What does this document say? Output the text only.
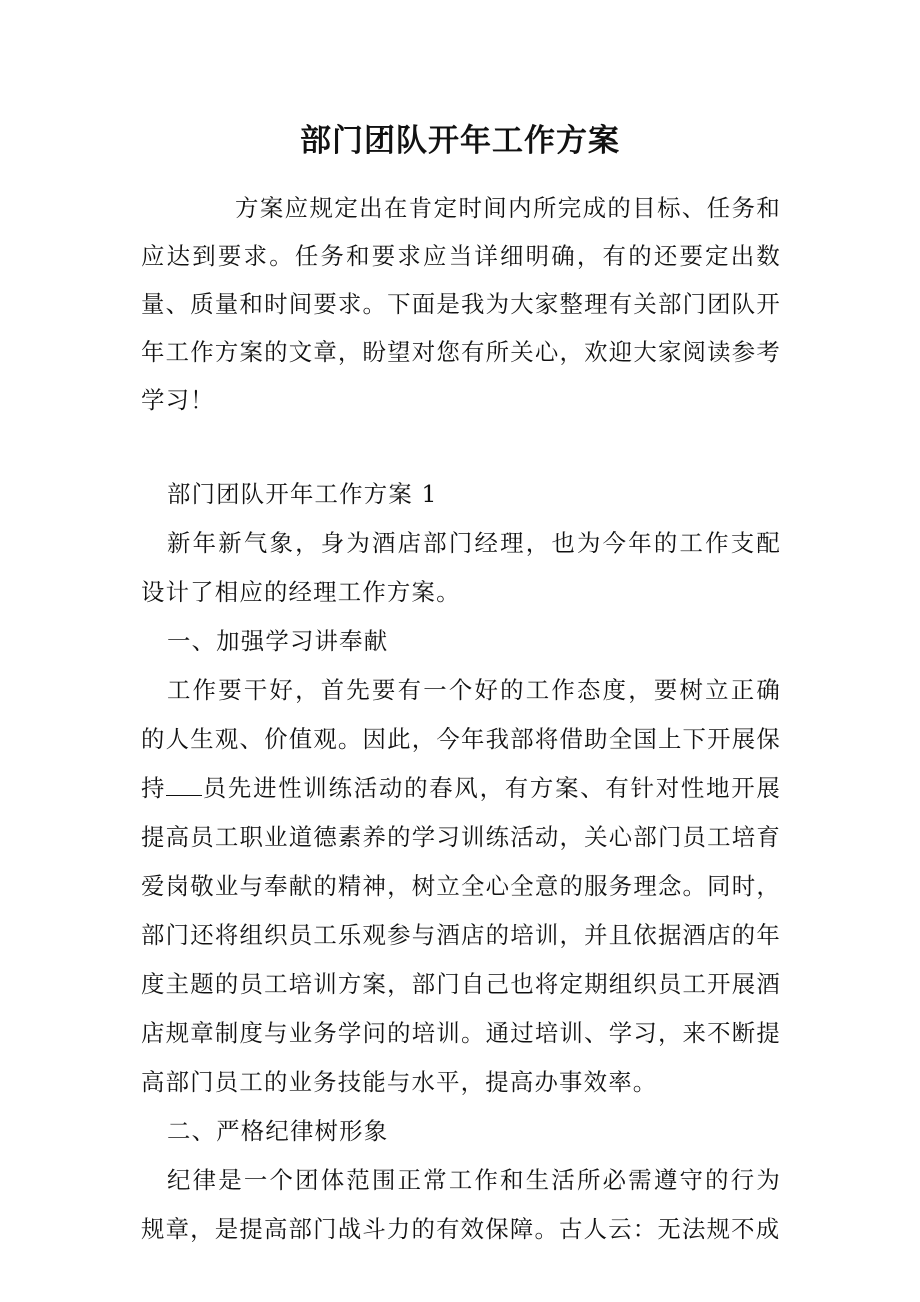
部门团队开年工作方案

方案应规定出在肯定时间内所完成的目标、任务和应达到要求。任务和要求应当详细明确，有的还要定出数量、质量和时间要求。下面是我为大家整理有关部门团队开年工作方案的文章，盼望对您有所关心，欢迎大家阅读参考学习！

部门团队开年工作方案 1

新年新气象，身为酒店部门经理，也为今年的工作支配设计了相应的经理工作方案。

一、加强学习讲奉献

工作要干好，首先要有一个好的工作态度，要树立正确的人生观、价值观。因此，今年我部将借助全国上下开展保持 员先进性训练活动的春风，有方案、有针对性地开展提高员工职业道德素养的学习训练活动，关心部门员工培育爱岗敬业与奉献的精神，树立全心全意的服务理念。同时，部门还将组织员工乐观参与酒店的培训，并且依据酒店的年度主题的员工培训方案，部门自己也将定期组织员工开展酒店规章制度与业务学问的培训。通过培训、学习，来不断提高部门员工的业务技能与水平，提高办事效率。

二、严格纪律树形象

纪律是一个团体范围正常工作和生活所必需遵守的行为规章，是提高部门战斗力的有效保障。古人云：无法规不成
